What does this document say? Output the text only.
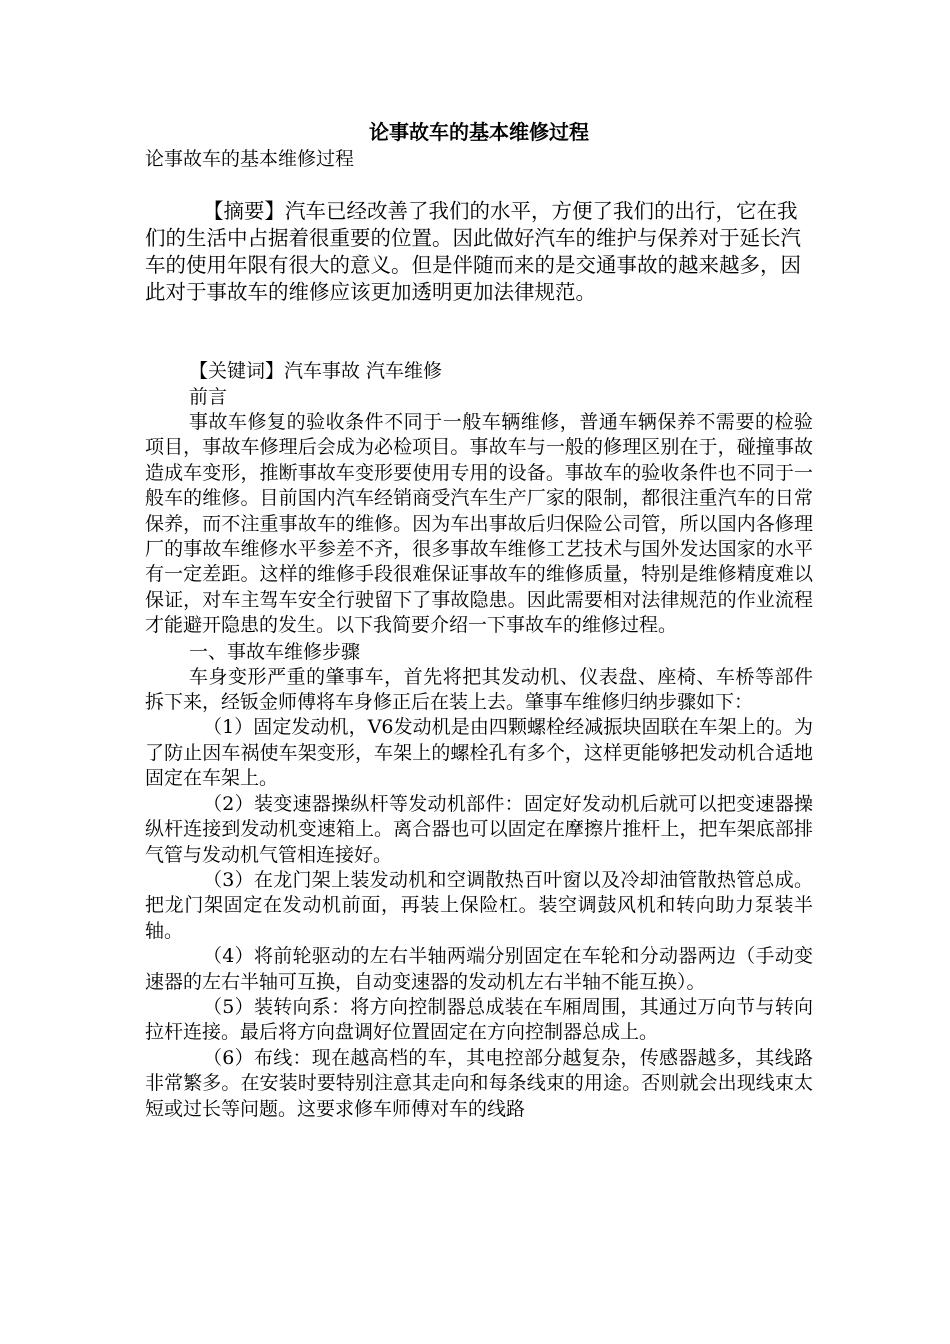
论事故车的基本维修过程

论事故车的基本维修过程

【摘要】汽车已经改善了我们的水平，方便了我们的出行，它在我们的生活中占据着很重要的位置。因此做好汽车的维护与保养对于延长汽车的使用年限有很大的意义。但是伴随而来的是交通事故的越来越多，因此对于事故车的维修应该更加透明更加法律规范。

【关键词】汽车事故 汽车维修

前言

事故车修复的验收条件不同于一般车辆维修，普通车辆保养不需要的检验项目，事故车修理后会成为必检项目。事故车与一般的修理区别在于，碰撞事故造成车变形，推断事故车变形要使用专用的设备。事故车的验收条件也不同于一般车的维修。目前国内汽车经销商受汽车生产厂家的限制，都很注重汽车的日常保养，而不注重事故车的维修。因为车出事故后归保险公司管，所以国内各修理厂的事故车维修水平参差不齐，很多事故车维修工艺技术与国外发达国家的水平有一定差距。这样的维修手段很难保证事故车的维修质量，特别是维修精度难以保证，对车主驾车安全行驶留下了事故隐患。因此需要相对法律规范的作业流程才能避开隐患的发生。以下我简要介绍一下事故车的维修过程。

一、事故车维修步骤

车身变形严重的肇事车，首先将把其发动机、仪表盘、座椅、车桥等部件拆下来，经钣金师傅将车身修正后在装上去。肇事车维修归纳步骤如下：

（1）固定发动机，V6发动机是由四颗螺栓经减振块固联在车架上的。为了防止因车祸使车架变形，车架上的螺栓孔有多个，这样更能够把发动机合适地固定在车架上。

（2）装变速器操纵杆等发动机部件：固定好发动机后就可以把变速器操纵杆连接到发动机变速箱上。离合器也可以固定在摩擦片推杆上，把车架底部排气管与发动机气管相连接好。

（3）在龙门架上装发动机和空调散热百叶窗以及冷却油管散热管总成。把龙门架固定在发动机前面，再装上保险杠。装空调鼓风机和转向助力泵装半轴。

（4）将前轮驱动的左右半轴两端分别固定在车轮和分动器两边（手动变速器的左右半轴可互换，自动变速器的发动机左右半轴不能互换）。

（5）装转向系：将方向控制器总成装在车厢周围，其通过万向节与转向拉杆连接。最后将方向盘调好位置固定在方向控制器总成上。

（6）布线：现在越高档的车，其电控部分越复杂，传感器越多，其线路非常繁多。在安装时要特别注意其走向和每条线束的用途。否则就会出现线束太短或过长等问题。这要求修车师傅对车的线路
